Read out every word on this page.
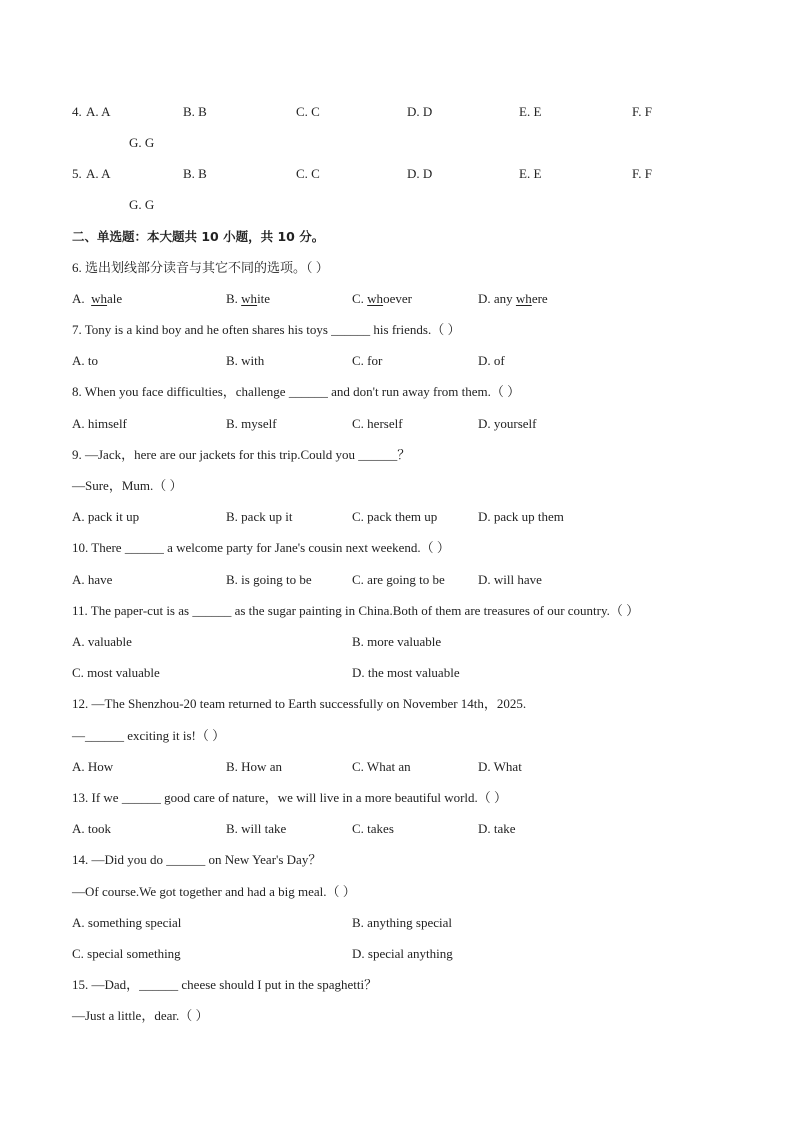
4. A. A	B. B	C. C	D. D	E. E	F. F
G. G
5. A. A	B. B	C. C	D. D	E. E	F. F
G. G
二、单选题：本大题共 10 小题，共 10 分。
6. 选出划线部分读音与其它不同的选项。（ ）
A. whale	B. white	C. whoever	D. any where
7. Tony is a kind boy and he often shares his toys ______ his friends.（ ）
A. to	B. with	C. for	D. of
8. When you face difficulties，challenge ______ and don't run away from them.（ ）
A. himself	B. myself	C. herself	D. yourself
9. —Jack，here are our jackets for this trip.Could you ______？
—Sure，Mum.（ ）
A. pack it up	B. pack up it	C. pack them up	D. pack up them
10. There ______ a welcome party for Jane's cousin next weekend.（ ）
A. have	B. is going to be	C. are going to be	D. will have
11. The paper-cut is as ______ as the sugar painting in China.Both of them are treasures of our country.（ ）
A. valuable	B. more valuable
C. most valuable	D. the most valuable
12. —The Shenzhou-20 team returned to Earth successfully on November 14th，2025.
—______ exciting it is!（ ）
A. How	B. How an	C. What an	D. What
13. If we ______ good care of nature，we will live in a more beautiful world.（ ）
A. took	B. will take	C. takes	D. take
14. —Did you do ______ on New Year's Day？
—Of course.We got together and had a big meal.（ ）
A. something special	B. anything special
C. special something	D. special anything
15. —Dad，______ cheese should I put in the spaghetti？
—Just a little，dear.（ ）
